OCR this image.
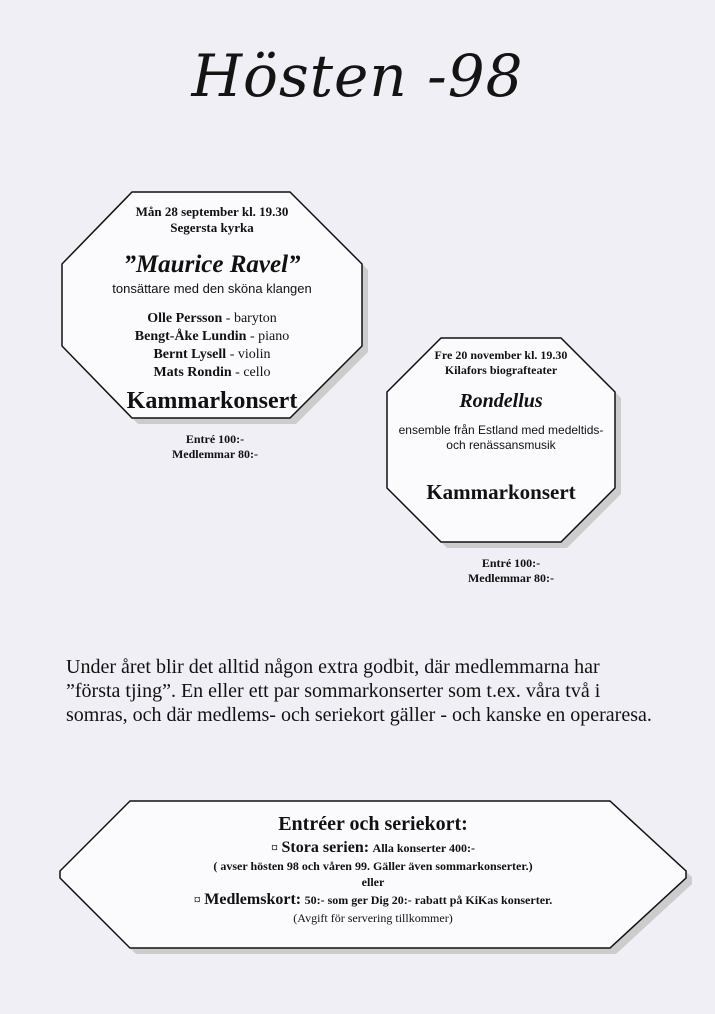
Hösten -98
Mån 28 september kl. 19.30
Segersta kyrka
”Maurice Ravel”
tonsättare med den sköna klangen
Olle Persson - baryton
Bengt-Åke Lundin - piano
Bernt Lysell - violin
Mats Rondin - cello
Kammarkonsert
Entré 100:-
Medlemmar 80:-
Fre 20 november kl. 19.30
Kilafors biografteater
Rondellus
ensemble från Estland med medeltids-
och renässansmusik
Kammarkonsert
Entré 100:-
Medlemmar 80:-
Under året blir det alltid någon extra godbit, där medlemmarna har ”första tjing”. En eller ett par sommarkonserter som t.ex. våra två i somras, och där medlems- och seriekort gäller - och kanske en operaresa.
Entréer och seriekort:
¤ Stora serien: Alla konserter 400:-
( avser hösten 98 och våren 99. Gäller även sommarkonserter.)
eller
¤ Medlemskort: 50:- som ger Dig 20:- rabatt på KiKas konserter.
(Avgift för servering tillkommer)
